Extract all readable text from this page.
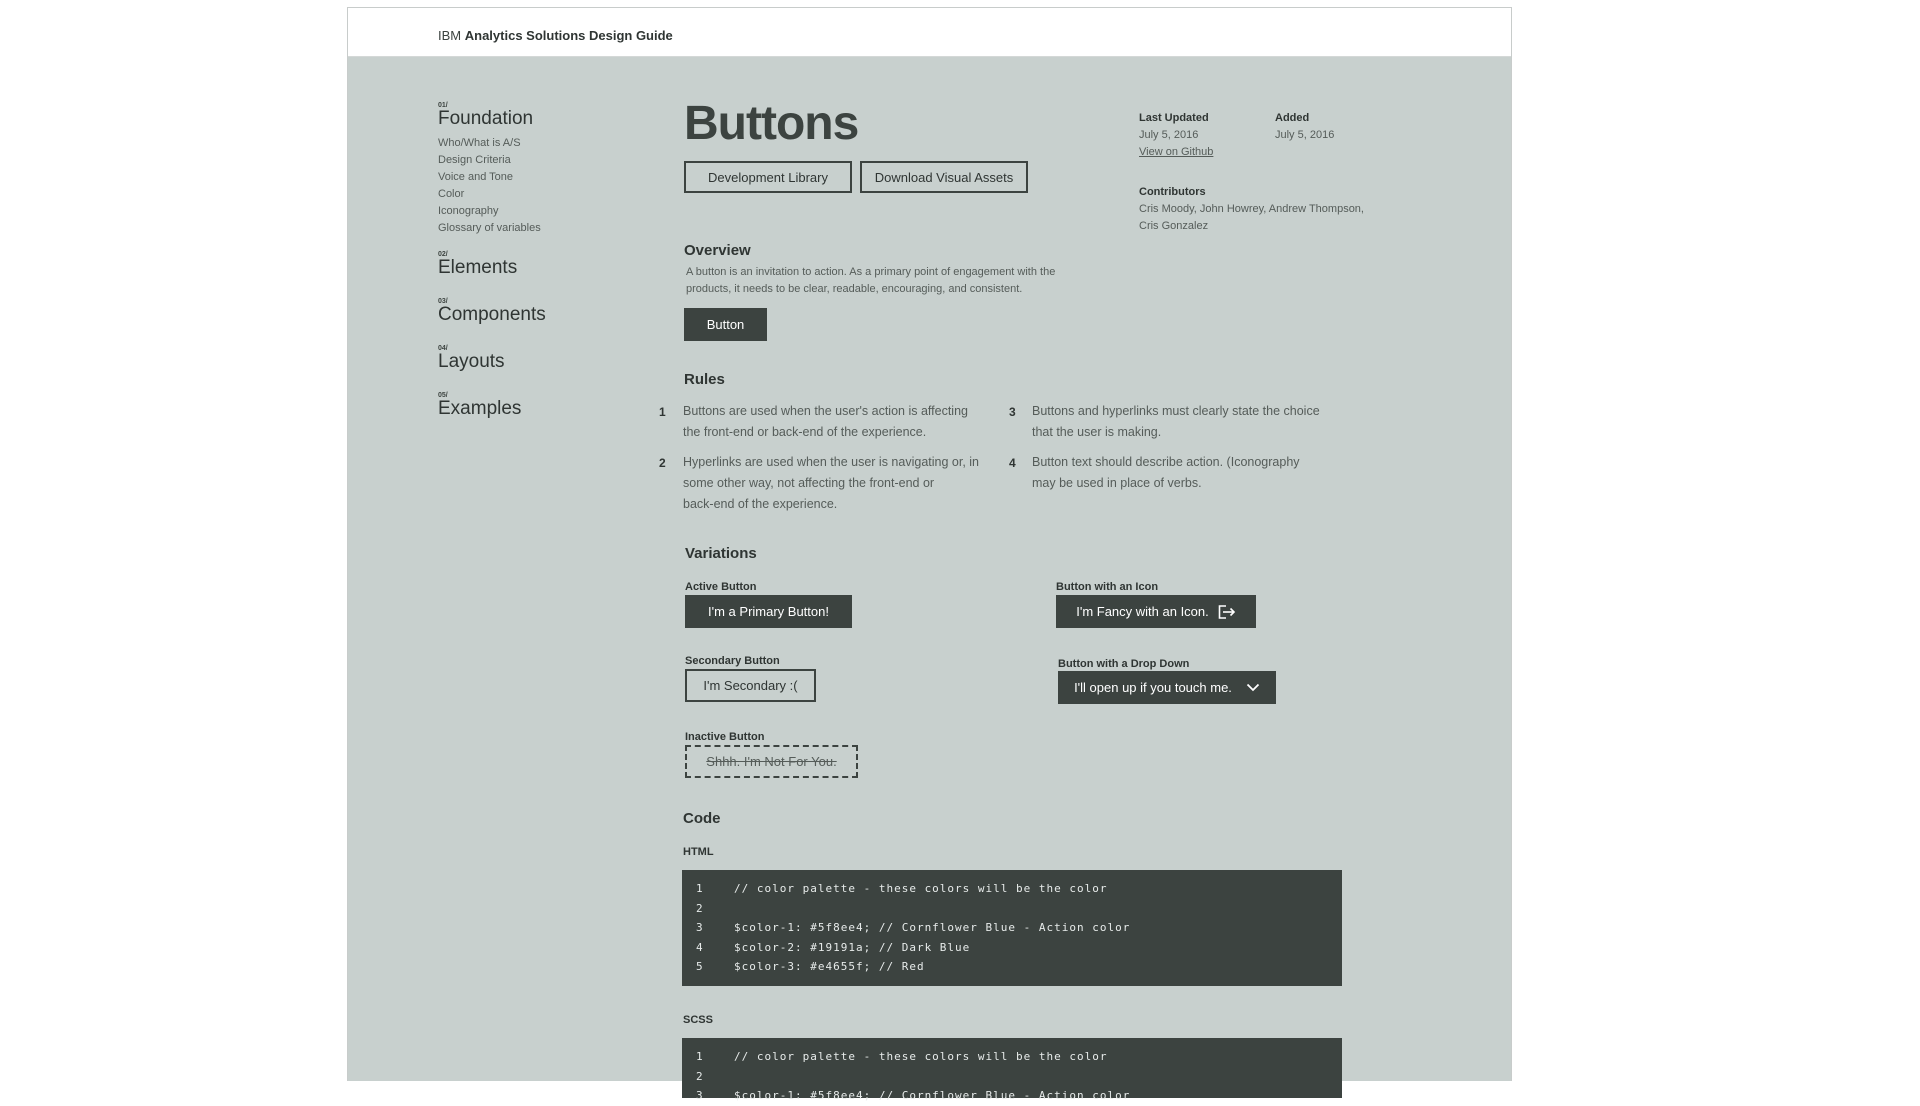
IBM Analytics Solutions Design Guide
01/
Foundation
Who/What is A/S
Design Criteria
Voice and Tone
Color
Iconography
Glossary of variables
02/
Elements
03/
Components
04/
Layouts
05/
Examples
Buttons
Development Library	Download Visual Assets
Last Updated
July 5, 2016
View on Github
Added
July 5, 2016
Contributors
Cris Moody, John Howrey, Andrew Thompson,
Cris Gonzalez
Overview

A button is an invitation to action. As a primary point of engagement with the

products, it needs to be clear, readable, encouraging, and consistent.

Button
Rules
1 Buttons are used when the user's action is affecting

the front-end or back-end of the experience.

2 Hyperlinks are used when the user is navigating or, in

some other way, not affecting the front-end or

back-end of the experience.

3 Buttons and hyperlinks must clearly state the choice

that the user is making.

4 Button text should describe action. (Iconography

may be used in place of verbs.

Variations
Active Button
I'm a Primary Button!
Secondary Button
I'm Secondary :(
Inactive Button
Shhh. I'm Not For You.
Button with an Icon
I'm Fancy with an Icon.
Button with a Drop Down
I'll open up if you touch me.
Code
HTML
1	// color palette - these colors will be the color
2
3	$color-1: #5f8ee4; // Cornflower Blue - Action color
4	$color-2: #19191a; // Dark Blue
5	$color-3: #e4655f; // Red
SCSS
1	// color palette - these colors will be the color
2
3	$color-1: #5f8ee4; // Cornflower Blue - Action color
